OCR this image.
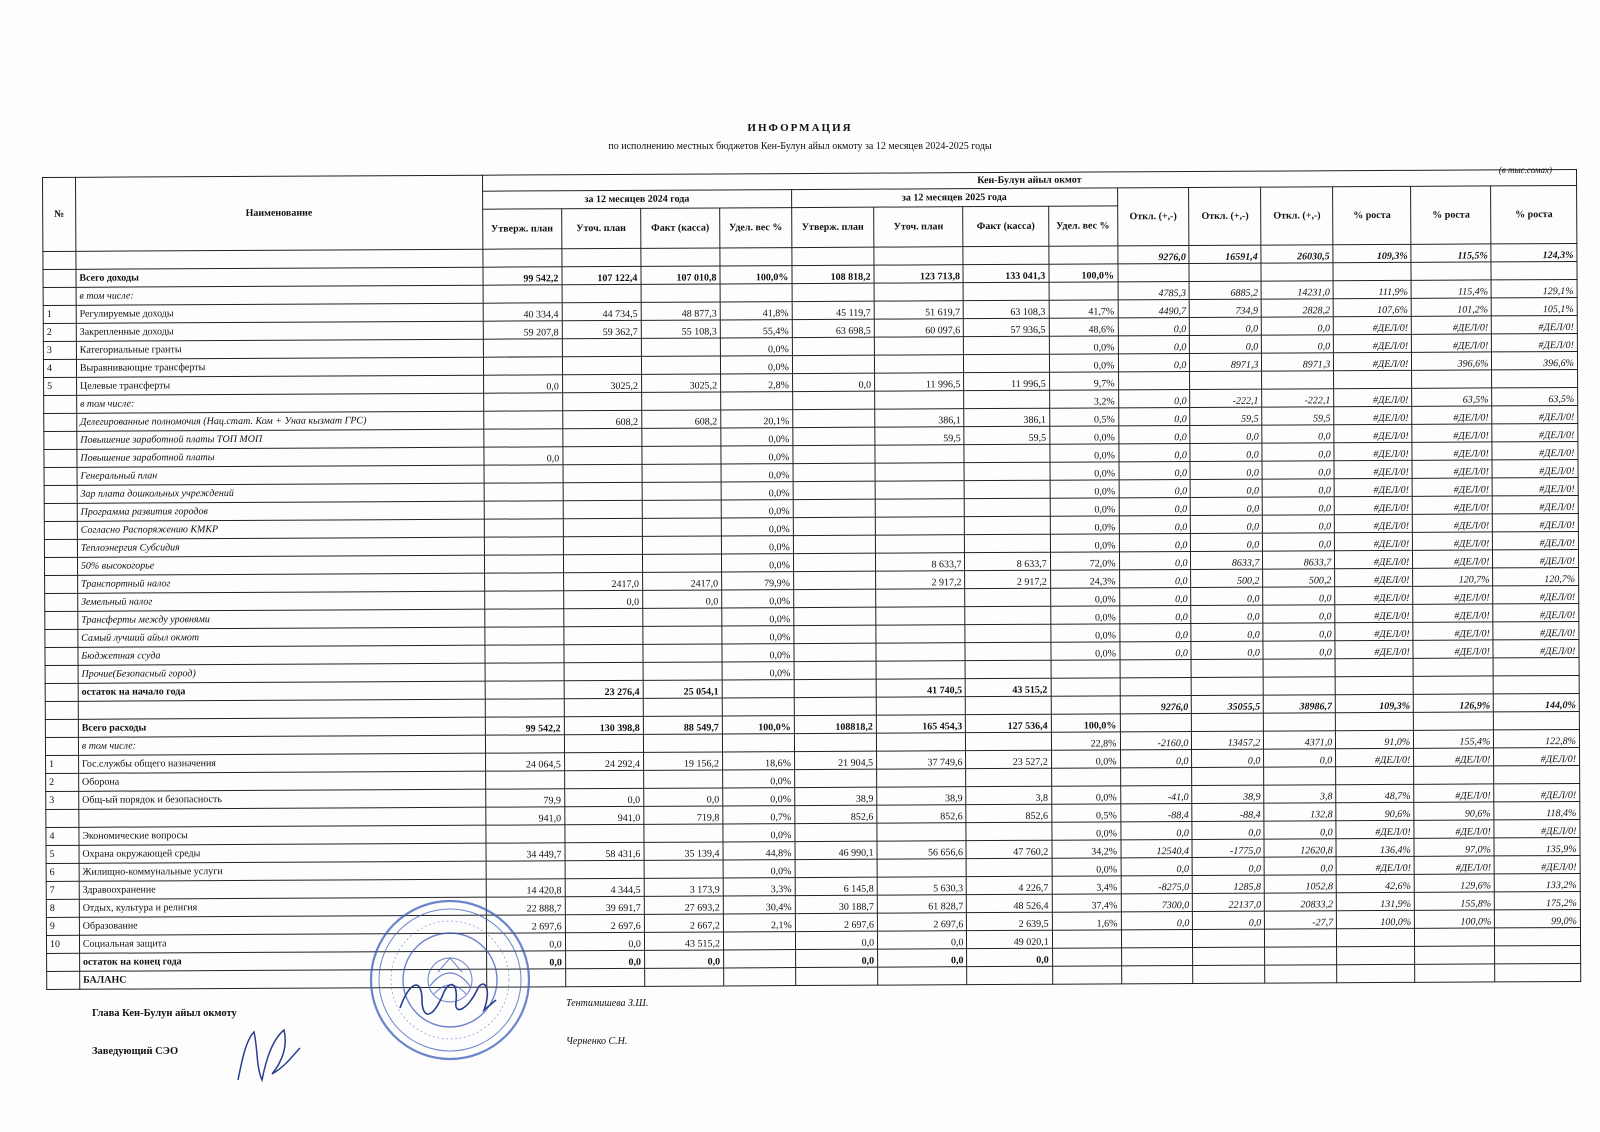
ИНФОРМАЦИЯ
по исполнению местных бюджетов Кен-Булун айыл окмоту за 12 месяцев 2024-2025 годы
(в тыс.сомах)
№	Наименование	Кен-Булун айыл окмот													
		за 12 месяцев 2024 года				за 12 месяцев 2025 года				Откл. (+,-)	Откл. (+,-)	Откл. (+,-)	% роста	% роста	% роста
		Утверж. план	Уточ. план	Факт (касса)	Удел. вес %	Утверж. план	Уточ. план	Факт (касса)	Удел. вес %						
										9276,0	16591,4	26030,5	109,3%	115,5%	124,3%
	Всего доходы	99 542,2	107 122,4	107 010,8	100,0%	108 818,2	123 713,8	133 041,3	100,0%						
	в том числе:									4785,3	6885,2	14231,0	111,9%	115,4%	129,1%
1	Регулируемые доходы	40 334,4	44 734,5	48 877,3	41,8%	45 119,7	51 619,7	63 108,3	41,7%	4490,7	734,9	2828,2	107,6%	101,2%	105,1%
2	Закрепленные доходы	59 207,8	59 362,7	55 108,3	55,4%	63 698,5	60 097,6	57 936,5	48,6%	0,0	0,0	0,0	#ДЕЛ/0!	#ДЕЛ/0!	#ДЕЛ/0!
3	Категориальные гранты				0,0%				0,0%	0,0	0,0	0,0	#ДЕЛ/0!	#ДЕЛ/0!	#ДЕЛ/0!
4	Выравнивающие трансферты				0,0%				0,0%	0,0	8971,3	8971,3	#ДЕЛ/0!	396,6%	396,6%
5	Целевые трансферты	0,0	3025,2	3025,2	2,8%	0,0	11 996,5	11 996,5	9,7%						
	в том числе:								3,2%	0,0	-222,1	-222,1	#ДЕЛ/0!	63,5%	63,5%
	Делегированные полномочия (Нац.стат. Ком + Унаа кызмат ГРС)		608,2	608,2	20,1%		386,1	386,1	0,5%	0,0	59,5	59,5	#ДЕЛ/0!	#ДЕЛ/0!	#ДЕЛ/0!
	Повышение заработной платы ТОП МОП				0,0%		59,5	59,5	0,0%	0,0	0,0	0,0	#ДЕЛ/0!	#ДЕЛ/0!	#ДЕЛ/0!
	Повышение заработной платы	0,0			0,0%				0,0%	0,0	0,0	0,0	#ДЕЛ/0!	#ДЕЛ/0!	#ДЕЛ/0!
	Генеральный план				0,0%				0,0%	0,0	0,0	0,0	#ДЕЛ/0!	#ДЕЛ/0!	#ДЕЛ/0!
	Зар плата дошкольных учреждений				0,0%				0,0%	0,0	0,0	0,0	#ДЕЛ/0!	#ДЕЛ/0!	#ДЕЛ/0!
	Программа развития городов				0,0%				0,0%	0,0	0,0	0,0	#ДЕЛ/0!	#ДЕЛ/0!	#ДЕЛ/0!
	Согласно Распоряжению КМКР				0,0%				0,0%	0,0	0,0	0,0	#ДЕЛ/0!	#ДЕЛ/0!	#ДЕЛ/0!
	Теплоэнергия Субсидия				0,0%				0,0%	0,0	0,0	0,0	#ДЕЛ/0!	#ДЕЛ/0!	#ДЕЛ/0!
	50% высокогорье				0,0%		8 633,7	8 633,7	72,0%	0,0	8633,7	8633,7	#ДЕЛ/0!	#ДЕЛ/0!	#ДЕЛ/0!
	Транспортный налог		2417,0	2417,0	79,9%		2 917,2	2 917,2	24,3%	0,0	500,2	500,2	#ДЕЛ/0!	120,7%	120,7%
	Земельный налог		0,0	0,0	0,0%				0,0%	0,0	0,0	0,0	#ДЕЛ/0!	#ДЕЛ/0!	#ДЕЛ/0!
	Трансферты между уровнями				0,0%				0,0%	0,0	0,0	0,0	#ДЕЛ/0!	#ДЕЛ/0!	#ДЕЛ/0!
	Самый лучший айыл окмот				0,0%				0,0%	0,0	0,0	0,0	#ДЕЛ/0!	#ДЕЛ/0!	#ДЕЛ/0!
	Бюджетная ссуда				0,0%				0,0%	0,0	0,0	0,0	#ДЕЛ/0!	#ДЕЛ/0!	#ДЕЛ/0!
	Прочие(Безопасный город)				0,0%										
	остаток на начало года		23 276,4	25 054,1			41 740,5	43 515,2							
										9276,0	35055,5	38986,7	109,3%	126,9%	144,0%
	Всего расходы	99 542,2	130 398,8	88 549,7	100,0%	108818,2	165 454,3	127 536,4	100,0%						
	в том числе:								22,8%	-2160,0	13457,2	4371,0	91,0%	155,4%	122,8%
1	Гос.службы общего назначения	24 064,5	24 292,4	19 156,2	18,6%	21 904,5	37 749,6	23 527,2	0,0%	0,0	0,0	0,0	#ДЕЛ/0!	#ДЕЛ/0!	#ДЕЛ/0!
2	Оборона				0,0%										
3	Общ-ый порядок и безопасность	79,9	0,0	0,0	0,0%	38,9	38,9	3,8	0,0%	-41,0	38,9	3,8	48,7%	#ДЕЛ/0!	#ДЕЛ/0!
		941,0	941,0	719,8	0,7%	852,6	852,6	852,6	0,5%	-88,4	-88,4	132,8	90,6%	90,6%	118,4%
4	Экономические вопросы				0,0%				0,0%	0,0	0,0	0,0	#ДЕЛ/0!	#ДЕЛ/0!	#ДЕЛ/0!
5	Охрана окружающей среды	34 449,7	58 431,6	35 139,4	44,8%	46 990,1	56 656,6	47 760,2	34,2%	12540,4	-1775,0	12620,8	136,4%	97,0%	135,9%
6	Жилищно-коммунальные услуги				0,0%				0,0%	0,0	0,0	0,0	#ДЕЛ/0!	#ДЕЛ/0!	#ДЕЛ/0!
7	Здравоохранение	14 420,8	4 344,5	3 173,9	3,3%	6 145,8	5 630,3	4 226,7	3,4%	-8275,0	1285,8	1052,8	42,6%	129,6%	133,2%
8	Отдых, культура и религия	22 888,7	39 691,7	27 693,2	30,4%	30 188,7	61 828,7	48 526,4	37,4%	7300,0	22137,0	20833,2	131,9%	155,8%	175,2%
9	Образование	2 697,6	2 697,6	2 667,2	2,1%	2 697,6	2 697,6	2 639,5	1,6%	0,0	0,0	-27,7	100,0%	100,0%	99,0%
10	Социальная защита	0,0	0,0	43 515,2		0,0	0,0	49 020,1							
	остаток на конец года	0,0	0,0	0,0		0,0	0,0	0,0							
	БАЛАНС														
Глава Кен-Булун айыл окмоту
Тентимишева З.Ш.
Заведующий СЭО
Черненко С.Н.
